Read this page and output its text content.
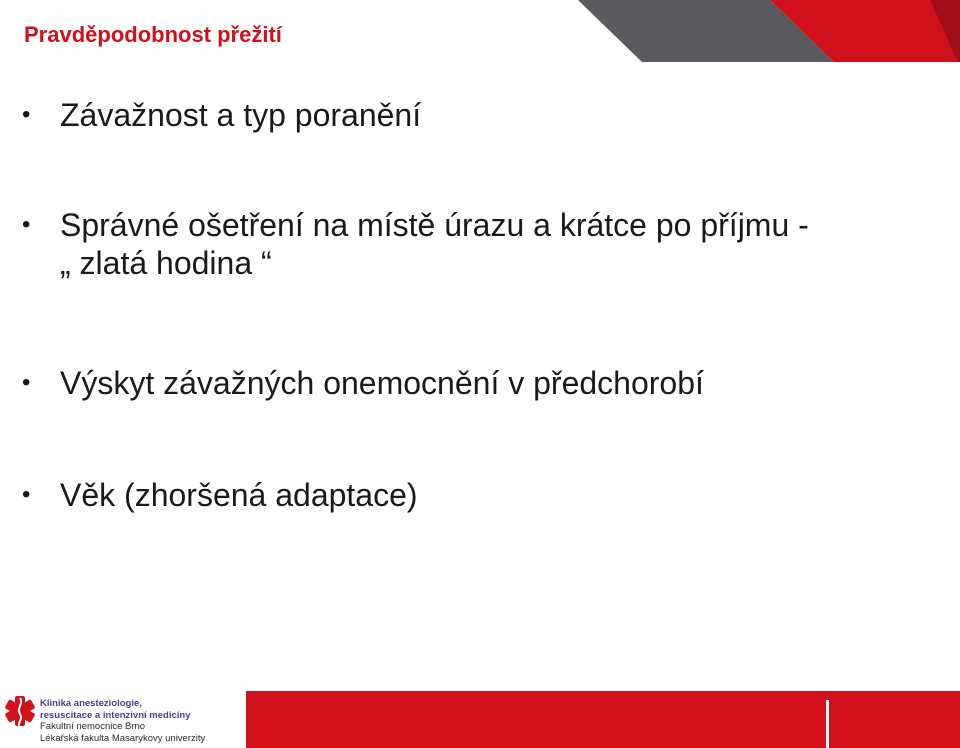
Pravděpodobnost přežití
• Závažnost a typ poranění
• Správné ošetření na místě úrazu a krátce po příjmu -
„ zlatá hodina “
• Výskyt závažných onemocnění v předchorobí
• Věk (zhoršená adaptace)
Klinika anesteziologie,
resuscitace a intenzivní medicíny
Fakultní nemocnice Brno
Lékařská fakulta Masarykovy univerzity
